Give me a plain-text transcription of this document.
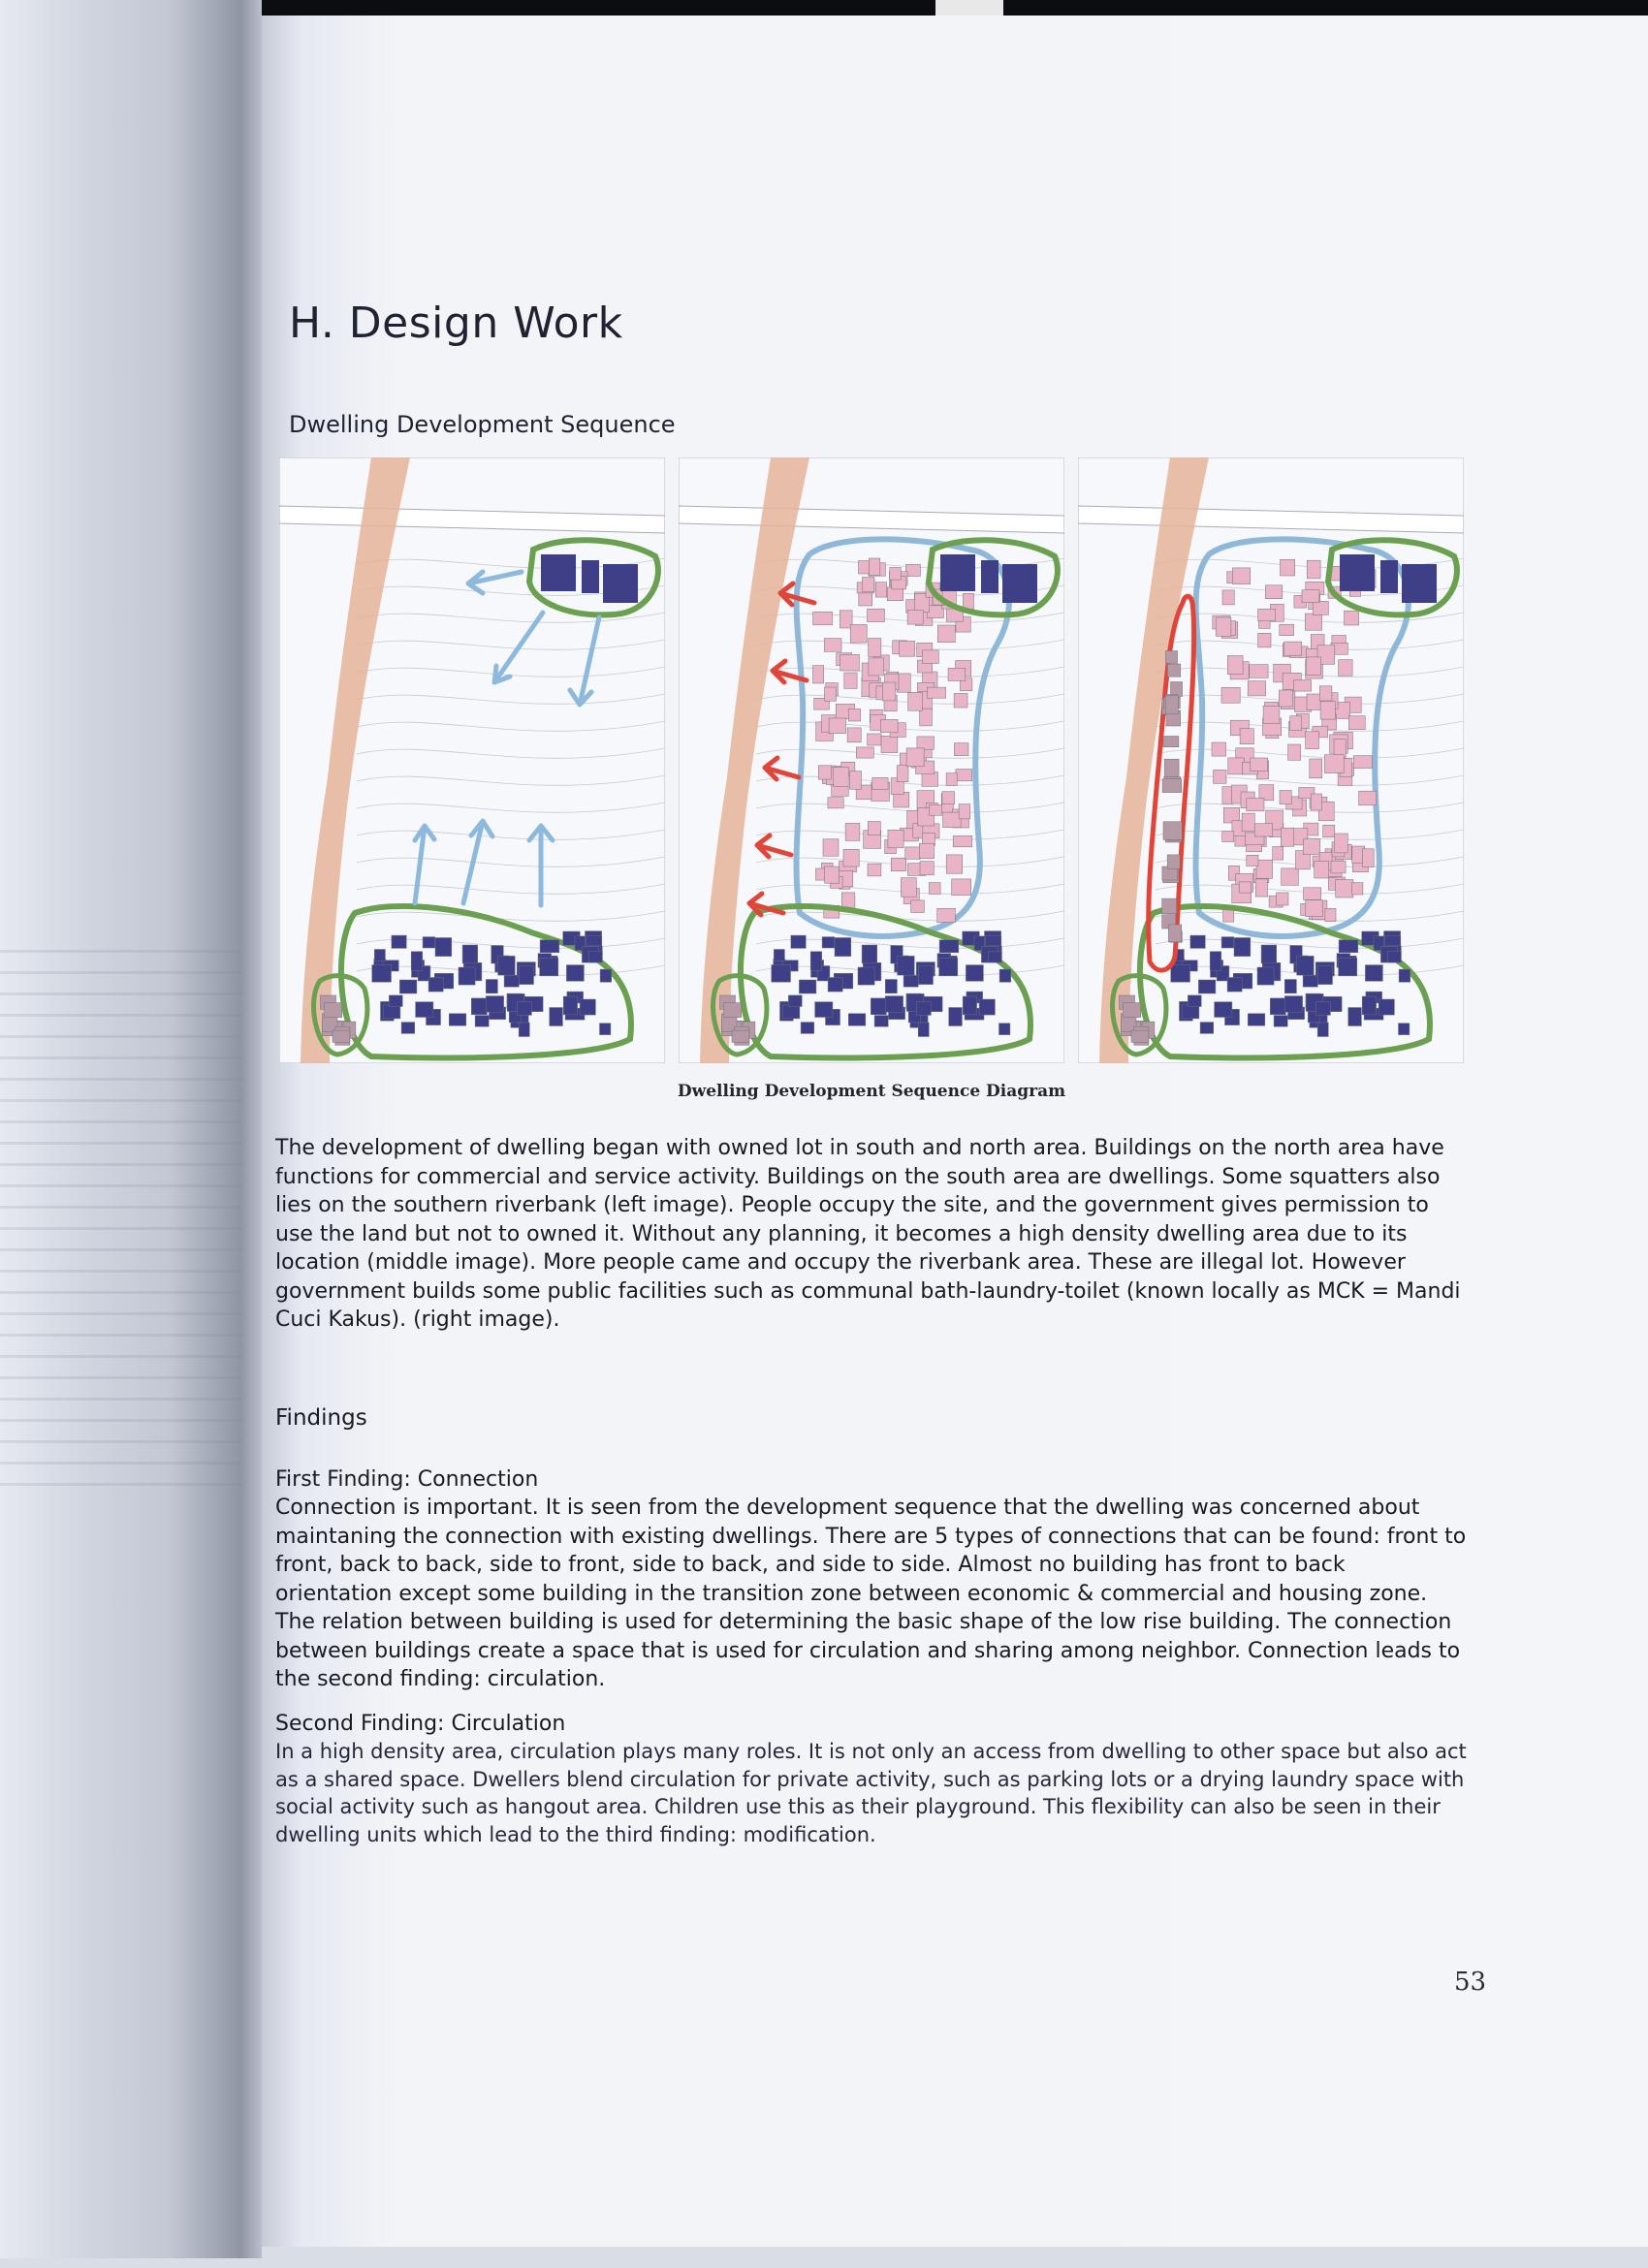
H. Design Work
Dwelling Development Sequence
Dwelling Development Sequence Diagram

The development of dwelling began with owned lot in south and north area. Buildings on the north area have functions for commercial and service activity. Buildings on the south area are dwellings. Some squatters also lies on the southern riverbank (left image). People occupy the site, and the government gives permission to use the land but not to owned it. Without any planning, it becomes a high density dwelling area due to its location (middle image). More people came and occupy the riverbank area. These are illegal lot. However government builds some public facilities such as communal bath-laundry-toilet (known locally as MCK = Mandi Cuci Kakus). (right image).

Findings

First Finding: Connection

Connection is important. It is seen from the development sequence that the dwelling was concerned about maintaning the connection with existing dwellings. There are 5 types of connections that can be found: front to front, back to back, side to front, side to back, and side to side. Almost no building has front to back orientation except some building in the transition zone between economic & commercial and housing zone. The relation between building is used for determining the basic shape of the low rise building. The connection between buildings create a space that is used for circulation and sharing among neighbor. Connection leads to the second finding: circulation.

Second Finding: Circulation

In a high density area, circulation plays many roles. It is not only an access from dwelling to other space but also act as a shared space. Dwellers blend circulation for private activity, such as parking lots or a drying laundry space with social activity such as hangout area. Children use this as their playground. This flexibility can also be seen in their dwelling units which lead to the third finding: modification.

53
